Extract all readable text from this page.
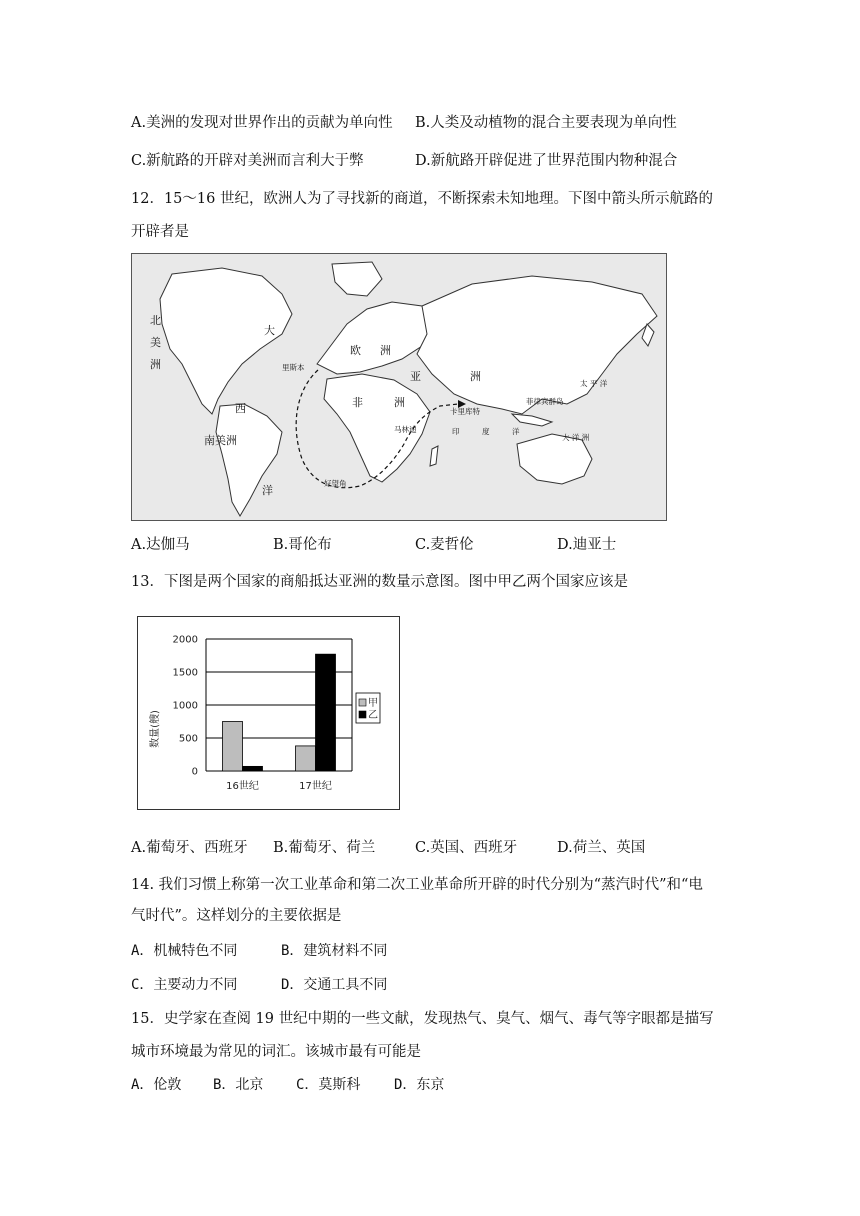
A.美洲的发现对世界作出的贡献为单向性 B.人类及动植物的混合主要表现为单向性
C.新航路的开辟对美洲而言利大于弊	D.新航路开辟促进了世界范围内物种混合
12．15～16 世纪，欧洲人为了寻找新的商道，不断探索未知地理。下图中箭头所示航路的
开辟者是
北
美
洲
大
西
洋
欧 洲
亚	洲
非	洲
南美洲
里斯本
卡里库特
马林迪
好望角
菲律宾群岛
太 平 洋
印	度	洋
大 洋 洲
A.达伽马	B.哥伦布	C.麦哲伦	D.迪亚士
13．下图是两个国家的商船抵达亚洲的数量示意图。图中甲乙两个国家应该是
0
500
1000
1500
2000
16世纪	17世纪
数量(艘)
甲
乙
A.葡萄牙、西班牙 B.葡萄牙、荷兰	C.英国、西班牙	D.荷兰、英国
14. 我们习惯上称第一次工业革命和第二次工业革命所开辟的时代分别为“蒸汽时代”和“电
气时代”。这样划分的主要依据是
A．机械特色不同	B．建筑材料不同
C．主要动力不同	D．交通工具不同
15．史学家在查阅 19 世纪中期的一些文献，发现热气、臭气、烟气、毒气等字眼都是描写
城市环境最为常见的词汇。该城市最有可能是
A．伦敦 B．北京 C．莫斯科 D．东京
